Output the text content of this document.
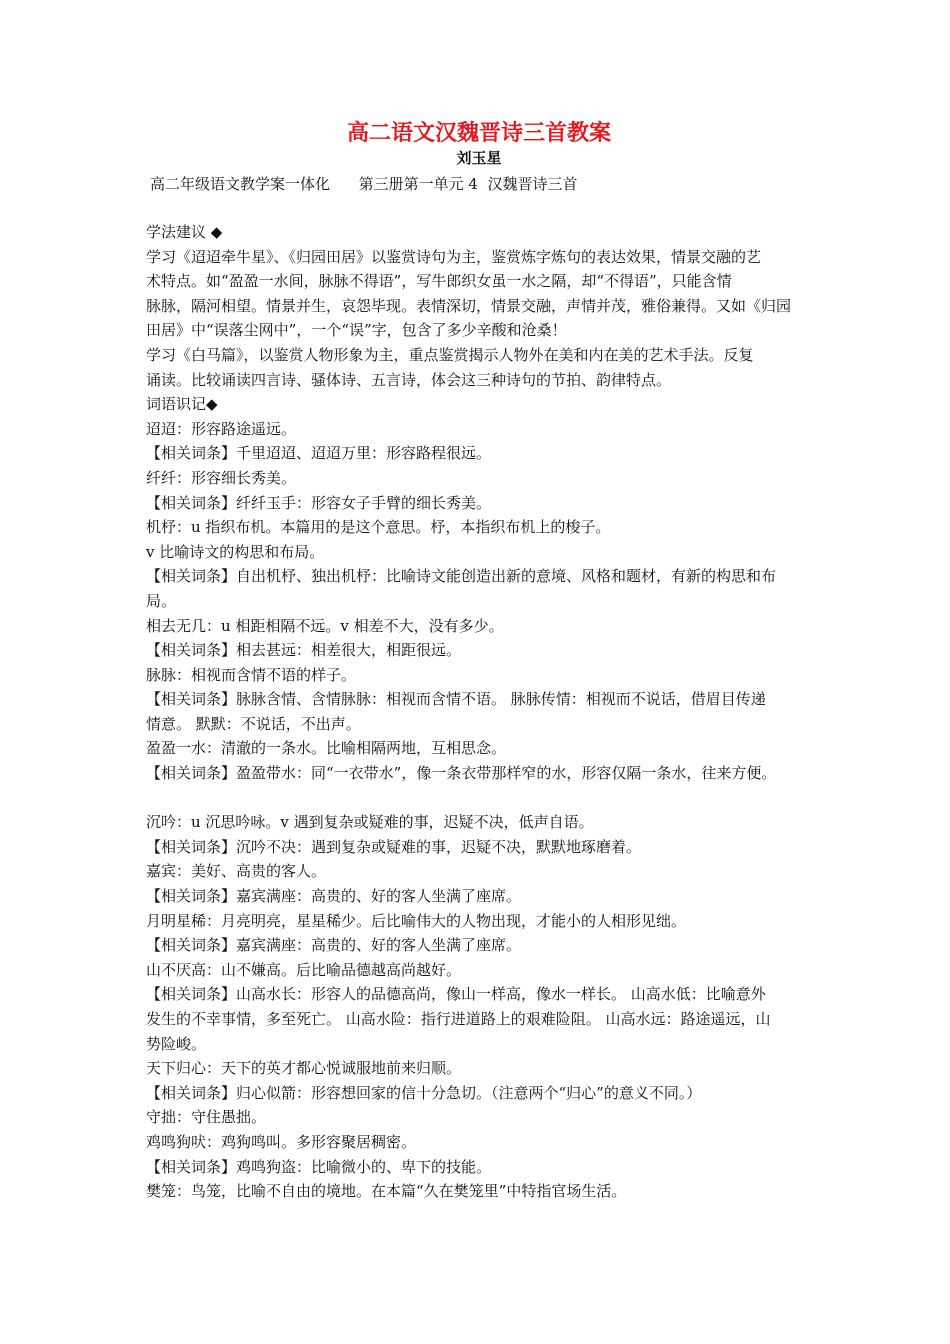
高二语文汉魏晋诗三首教案
刘玉星
高二年级语文教学案一体化      第三册第一单元 4  汉魏晋诗三首
学法建议 ◆
学习《迢迢牵牛星》、《归园田居》以鉴赏诗句为主，鉴赏炼字炼句的表达效果，情景交融的艺
术特点。如“盈盈一水间，脉脉不得语”，写牛郎织女虽一水之隔，却“不得语”，只能含情
脉脉，隔河相望。情景并生，哀怨毕现。表情深切，情景交融，声情并茂，雅俗兼得。又如《归园
田居》中“误落尘网中”，一个“误”字，包含了多少辛酸和沧桑！
学习《白马篇》，以鉴赏人物形象为主，重点鉴赏揭示人物外在美和内在美的艺术手法。反复
诵读。比较诵读四言诗、骚体诗、五言诗，体会这三种诗句的节拍、韵律特点。
词语识记◆
迢迢：形容路途遥远。
【相关词条】千里迢迢、迢迢万里：形容路程很远。
纤纤：形容细长秀美。
【相关词条】纤纤玉手：形容女子手臂的细长秀美。
机杼：u 指织布机。本篇用的是这个意思。杼，本指织布机上的梭子。
v 比喻诗文的构思和布局。
【相关词条】自出机杼、独出机杼：比喻诗文能创造出新的意境、风格和题材，有新的构思和布
局。
相去无几：u 相距相隔不远。v 相差不大，没有多少。
【相关词条】相去甚远：相差很大，相距很远。
脉脉：相视而含情不语的样子。
【相关词条】脉脉含情、含情脉脉：相视而含情不语。 脉脉传情：相视而不说话，借眉目传递
情意。 默默：不说话，不出声。
盈盈一水：清澈的一条水。比喻相隔两地，互相思念。
【相关词条】盈盈带水：同“一衣带水”，像一条衣带那样窄的水，形容仅隔一条水，往来方便。
沉吟：u 沉思吟咏。v 遇到复杂或疑难的事，迟疑不决，低声自语。
【相关词条】沉吟不决：遇到复杂或疑难的事，迟疑不决，默默地琢磨着。
嘉宾：美好、高贵的客人。
【相关词条】嘉宾满座：高贵的、好的客人坐满了座席。
月明星稀：月亮明亮，星星稀少。后比喻伟大的人物出现，才能小的人相形见绌。
【相关词条】嘉宾满座：高贵的、好的客人坐满了座席。
山不厌高：山不嫌高。后比喻品德越高尚越好。
【相关词条】山高水长：形容人的品德高尚，像山一样高，像水一样长。 山高水低：比喻意外
发生的不幸事情，多至死亡。 山高水险：指行进道路上的艰难险阻。 山高水远：路途遥远，山
势险峻。
天下归心：天下的英才都心悦诚服地前来归顺。
【相关词条】归心似箭：形容想回家的信十分急切。（注意两个“归心”的意义不同。）
守拙：守住愚拙。
鸡鸣狗吠：鸡狗鸣叫。多形容聚居稠密。
【相关词条】鸡鸣狗盗：比喻微小的、卑下的技能。
樊笼：鸟笼，比喻不自由的境地。在本篇“久在樊笼里”中特指官场生活。
